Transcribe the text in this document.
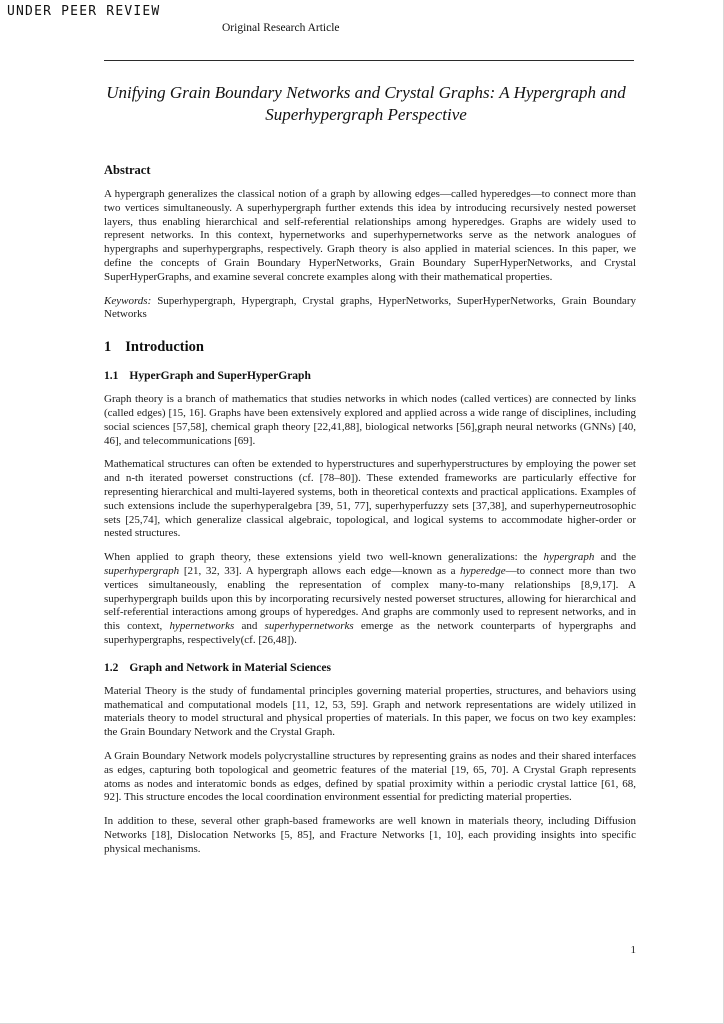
UNDER PEER REVIEW
Original Research Article
Unifying Grain Boundary Networks and Crystal Graphs: A Hypergraph and Superhypergraph Perspective
Abstract

A hypergraph generalizes the classical notion of a graph by allowing edges—called hyperedges—to connect more than two vertices simultaneously. A superhypergraph further extends this idea by introducing recursively nested powerset layers, thus enabling hierarchical and self-referential relationships among hyperedges. Graphs are widely used to represent networks. In this context, hypernetworks and superhypernetworks serve as the network analogues of hypergraphs and superhypergraphs, respectively. Graph theory is also applied in material sciences. In this paper, we define the concepts of Grain Boundary HyperNetworks, Grain Boundary SuperHyperNetworks, and Crystal SuperHyperGraphs, and examine several concrete examples along with their mathematical properties.

Keywords: Superhypergraph, Hypergraph, Crystal graphs, HyperNetworks, SuperHyperNetworks, Grain Boundary Networks

1 Introduction
1.1 HyperGraph and SuperHyperGraph

Graph theory is a branch of mathematics that studies networks in which nodes (called vertices) are connected by links (called edges) [15, 16]. Graphs have been extensively explored and applied across a wide range of disciplines, including social sciences [57,58], chemical graph theory [22,41,88], biological networks [56],graph neural networks (GNNs) [40, 46], and telecommunications [69].

Mathematical structures can often be extended to hyperstructures and superhyperstructures by employing the power set and n-th iterated powerset constructions (cf. [78–80]). These extended frameworks are particularly effective for representing hierarchical and multi-layered systems, both in theoretical contexts and practical applications. Examples of such extensions include the superhyperalgebra [39, 51, 77], superhyperfuzzy sets [37,38], and superhyperneutrosophic sets [25,74], which generalize classical algebraic, topological, and logical systems to accommodate higher-order or nested structures.

When applied to graph theory, these extensions yield two well-known generalizations: the hypergraph and the superhypergraph [21, 32, 33]. A hypergraph allows each edge—known as a hyperedge—to connect more than two vertices simultaneously, enabling the representation of complex many-to-many relationships [8,9,17]. A superhypergraph builds upon this by incorporating recursively nested powerset structures, allowing for hierarchical and self-referential interactions among groups of hyperedges. And graphs are commonly used to represent networks, and in this context, hypernetworks and superhypernetworks emerge as the network counterparts of hypergraphs and superhypergraphs, respectively(cf. [26,48]).

1.2 Graph and Network in Material Sciences

Material Theory is the study of fundamental principles governing material properties, structures, and behaviors using mathematical and computational models [11, 12, 53, 59]. Graph and network representations are widely utilized in materials theory to model structural and physical properties of materials. In this paper, we focus on two key examples: the Grain Boundary Network and the Crystal Graph.

A Grain Boundary Network models polycrystalline structures by representing grains as nodes and their shared interfaces as edges, capturing both topological and geometric features of the material [19, 65, 70]. A Crystal Graph represents atoms as nodes and interatomic bonds as edges, defined by spatial proximity within a periodic crystal lattice [61, 68, 92]. This structure encodes the local coordination environment essential for predicting material properties.

In addition to these, several other graph-based frameworks are well known in materials theory, including Diffusion Networks [18], Dislocation Networks [5, 85], and Fracture Networks [1, 10], each providing insights into specific physical mechanisms.

1
